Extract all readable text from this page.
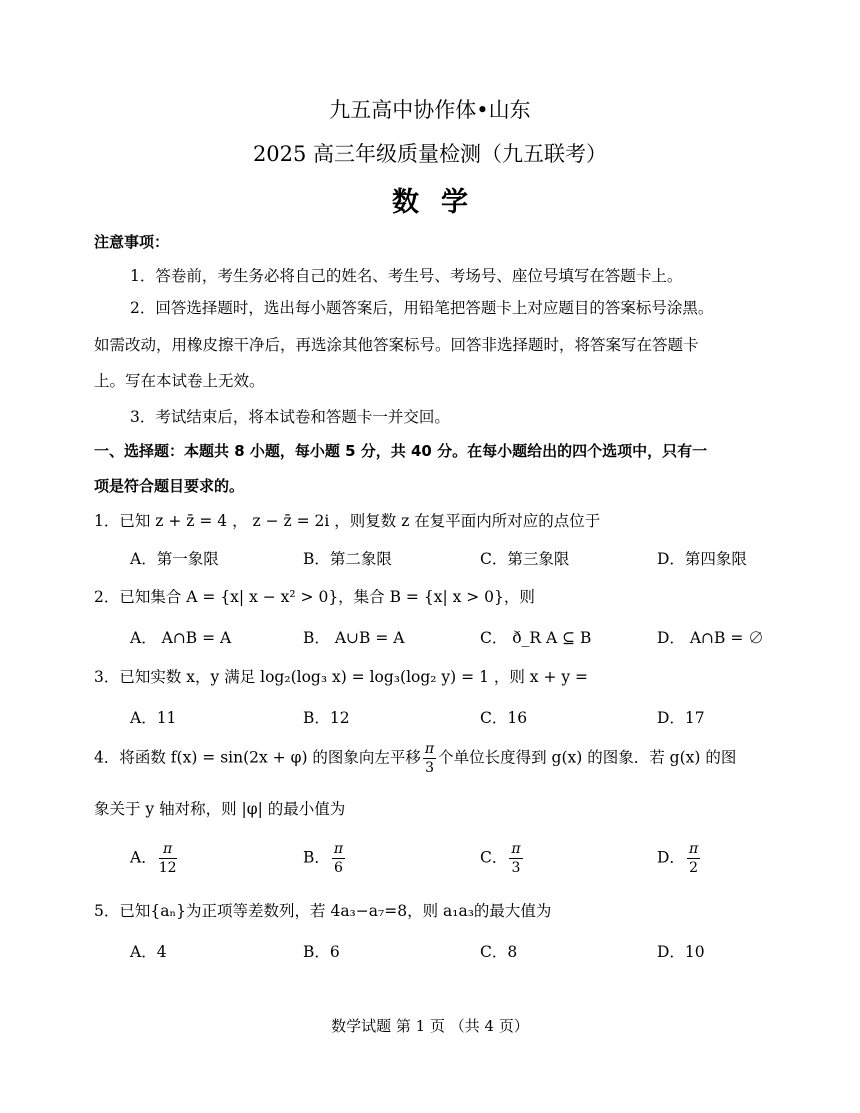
九五高中协作体•山东
2025 高三年级质量检测（九五联考）
数学
注意事项：
1．答卷前，考生务必将自己的姓名、考生号、考场号、座位号填写在答题卡上。
2．回答选择题时，选出每小题答案后，用铅笔把答题卡上对应题目的答案标号涂黑。
如需改动，用橡皮擦干净后，再选涂其他答案标号。回答非选择题时，将答案写在答题卡
上。写在本试卷上无效。
3．考试结束后，将本试卷和答题卡一并交回。
一、选择题：本题共 8 小题，每小题 5 分，共 40 分。在每小题给出的四个选项中，只有一
项是符合题目要求的。
1．已知 z + z̄ = 4 ， z − z̄ = 2i ，则复数 z 在复平面内所对应的点位于
A．第一象限	B．第二象限	C．第三象限	D．第四象限
2．已知集合 A = {x| x − x² > 0}，集合 B = {x| x > 0}，则
A． A∩B = A	B． A∪B = A	C． ð_R A ⊆ B	D． A∩B = ∅
3．已知实数 x，y 满足 log₂(log₃ x) = log₃(log₂ y) = 1 ，则 x + y =
A．11	B．12	C．16	D．17
4．将函数 f(x) = sin(2x + φ) 的图象向左平移 $\frac{\pi}{3}$ 个单位长度得到 g(x) 的图象．若 g(x) 的图
象关于 y 轴对称，则 |φ| 的最小值为
A． $\frac{\pi}{12}$	B． $\frac{\pi}{6}$	C． $\frac{\pi}{3}$	D． $\frac{\pi}{2}$
5．已知{aₙ}为正项等差数列，若 4a₃−a₇=8，则 a₁a₃的最大值为
A．4	B．6	C．8	D．10
数学试题 第 1 页 （共 4 页）
